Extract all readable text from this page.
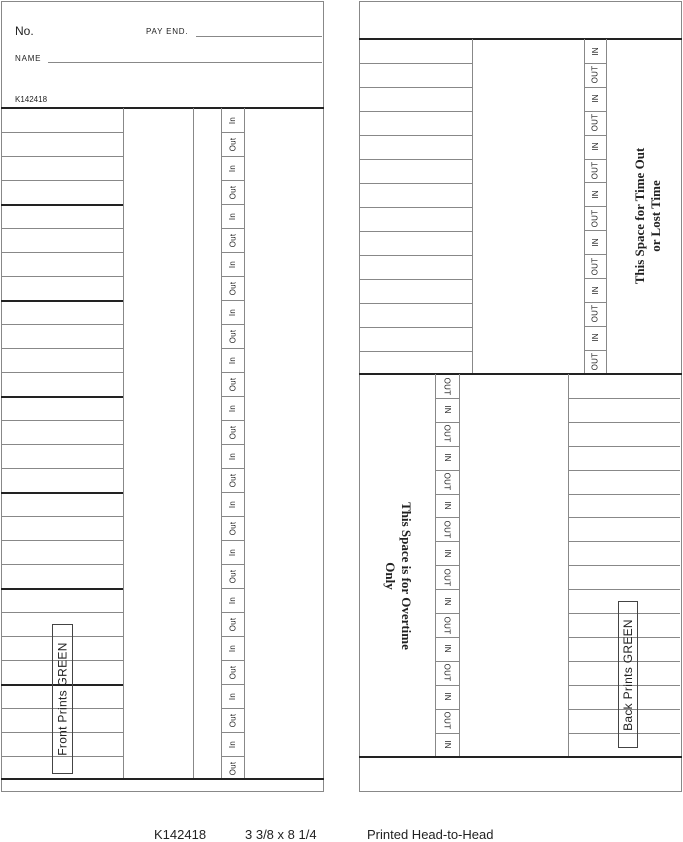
No.	PAY END.
NAME
K142418
In
Out
In
Out
In
Out
In
Out
In
Out
In
Out
In
Out
In
Out
In
Out
In
Out
In
Out
In
Out
In
Out
In
Out
Front Prints GREEN
IN
OUT
IN
OUT
IN
OUT
IN
OUT
IN
OUT
IN
OUT
IN
OUT
OUT
IN
OUT
IN
OUT
IN
OUT
IN
OUT
IN
OUT
IN
OUT
IN
OUT
IN
Back Prints GREEN
K142418	3 3/8 x 8 1/4	Printed Head-to-Head
This Space for Time Out or Lost Time
This Space is for Overtime
Only
